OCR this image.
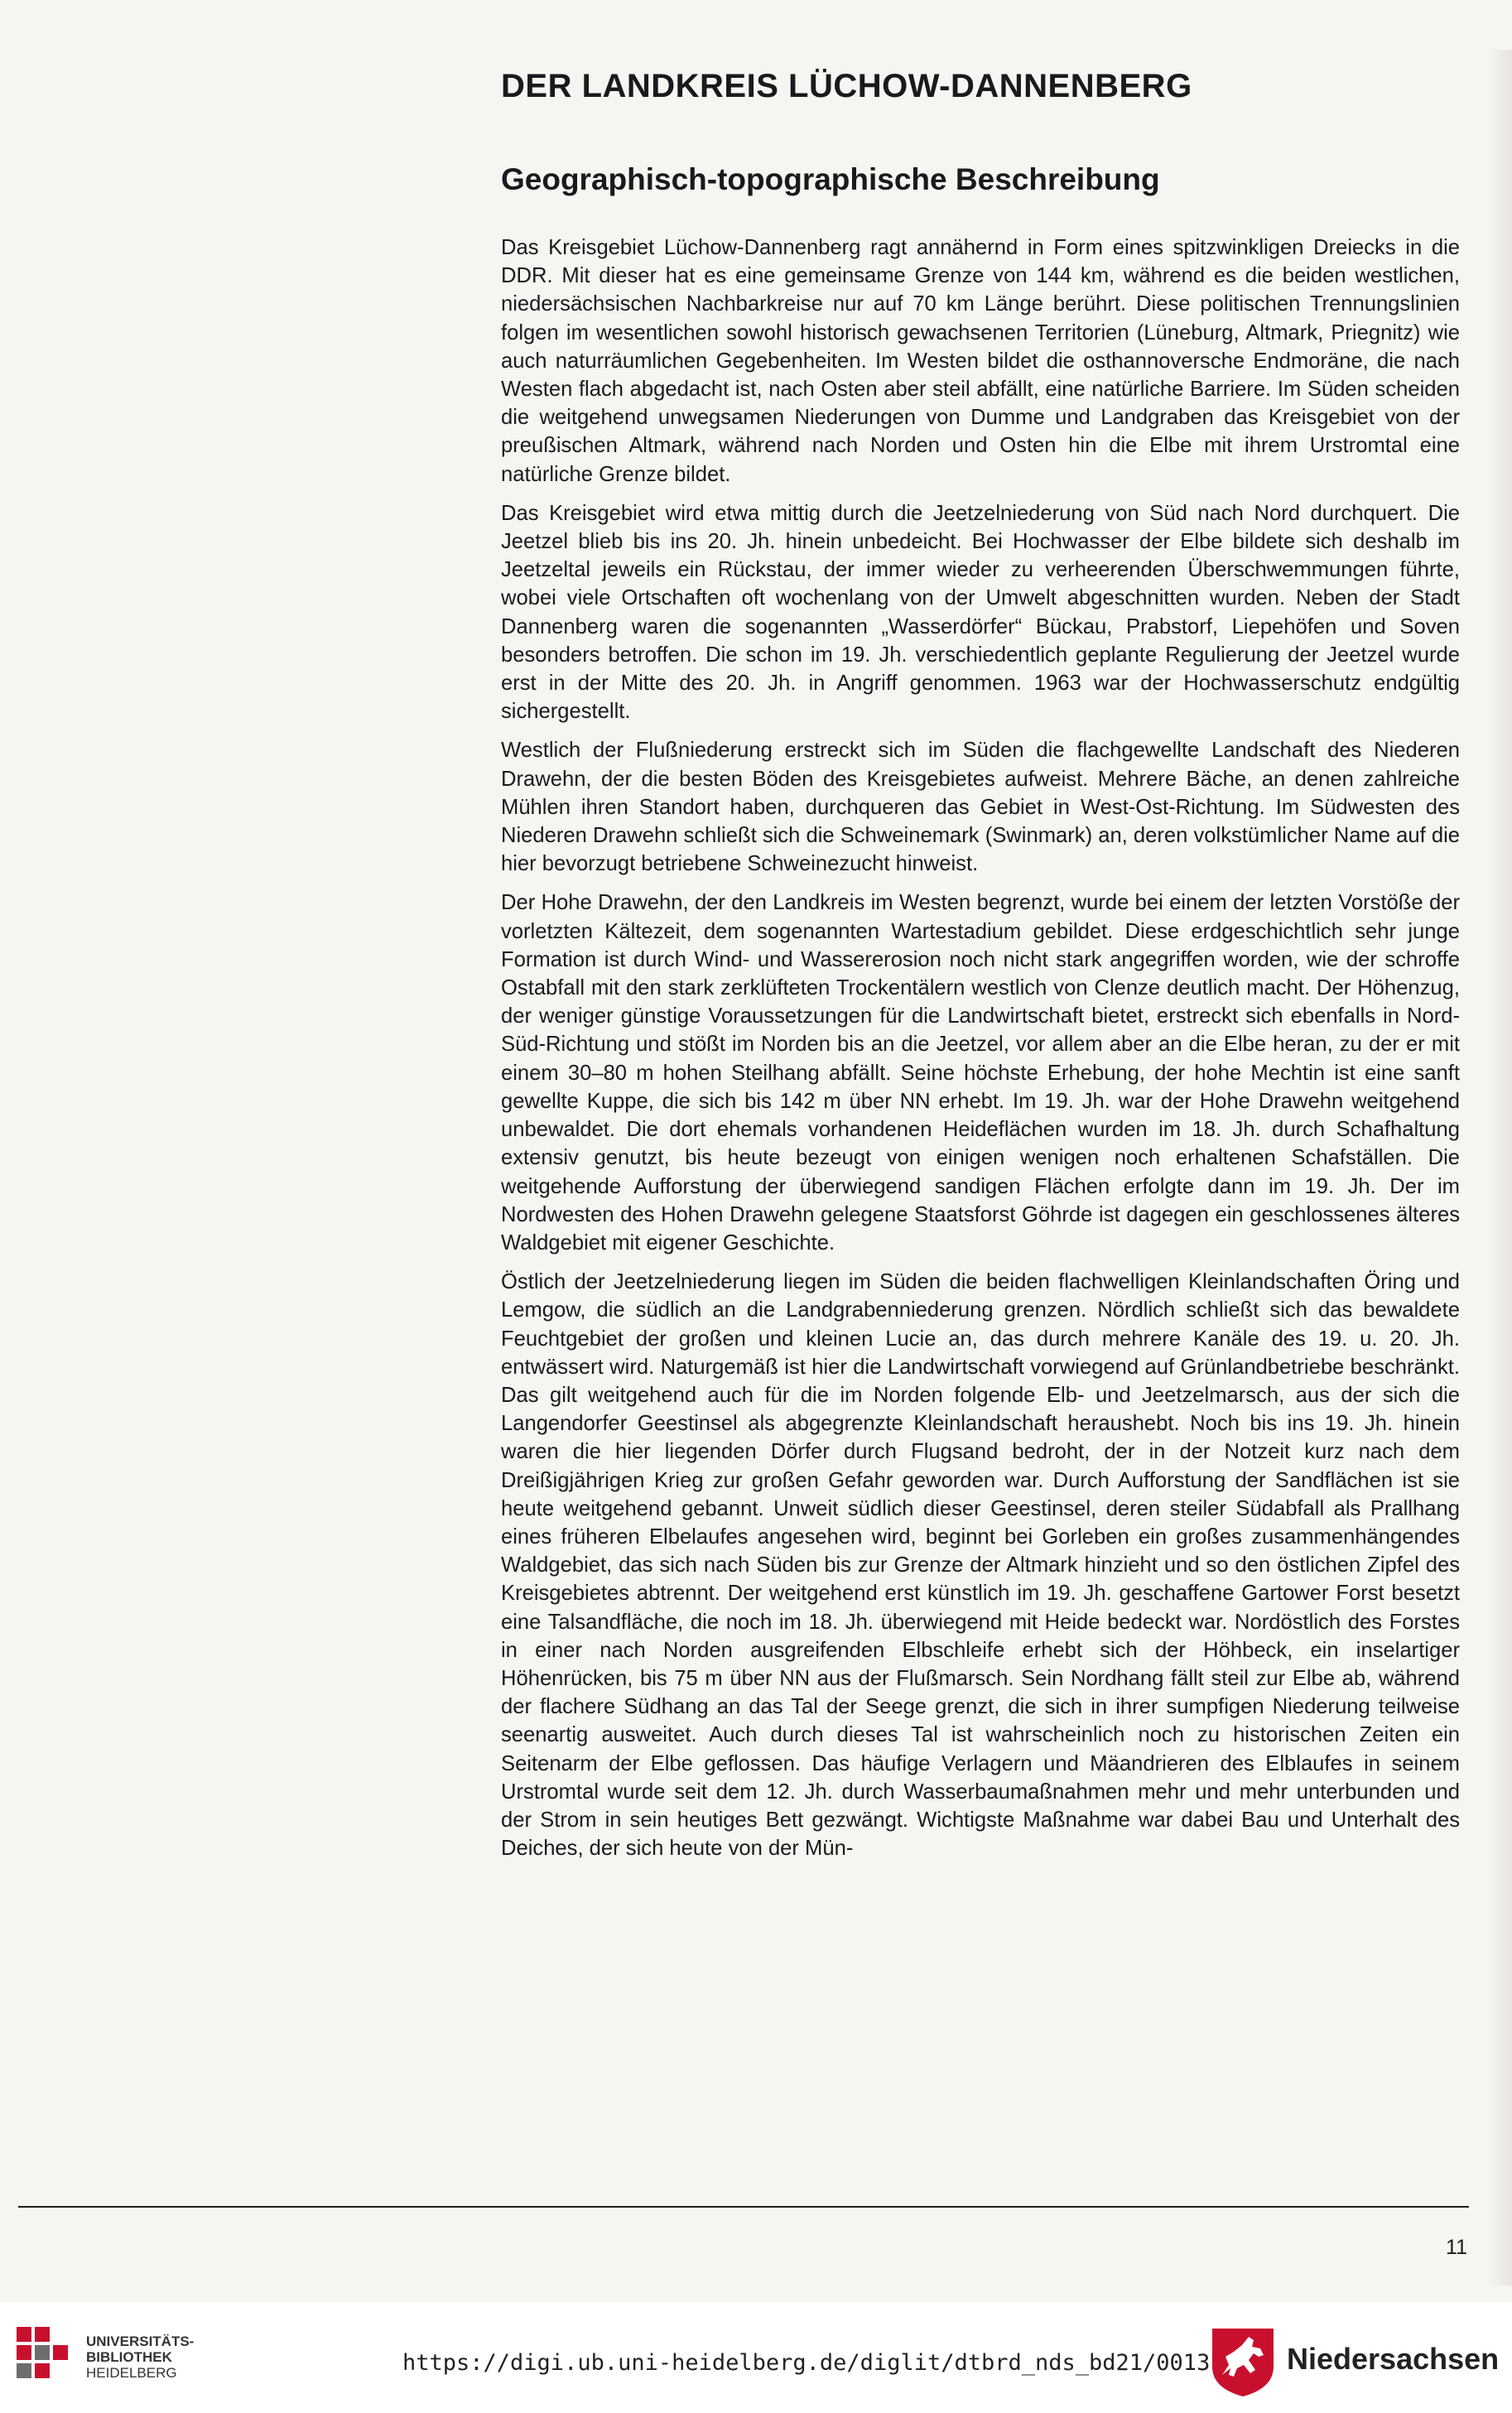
DER LANDKREIS LÜCHOW-DANNENBERG
Geographisch-topographische Beschreibung

Das Kreisgebiet Lüchow-Dannenberg ragt annähernd in Form eines spitzwinkligen Dreiecks in die DDR. Mit dieser hat es eine gemeinsame Grenze von 144 km, während es die beiden westlichen, niedersächsischen Nachbarkreise nur auf 70 km Länge berührt. Diese politischen Trennungslinien folgen im wesentlichen sowohl historisch gewachsenen Territorien (Lüneburg, Altmark, Priegnitz) wie auch naturräumlichen Gegebenheiten. Im Westen bildet die osthannoversche Endmoräne, die nach Westen flach abgedacht ist, nach Osten aber steil abfällt, eine natürliche Barriere. Im Süden scheiden die weitgehend unwegsamen Niederungen von Dumme und Landgraben das Kreisgebiet von der preußischen Altmark, während nach Norden und Osten hin die Elbe mit ihrem Urstromtal eine natürliche Grenze bildet.

Das Kreisgebiet wird etwa mittig durch die Jeetzelniederung von Süd nach Nord durchquert. Die Jeetzel blieb bis ins 20. Jh. hinein unbedeicht. Bei Hochwasser der Elbe bildete sich deshalb im Jeetzeltal jeweils ein Rückstau, der immer wieder zu verheerenden Überschwemmungen führte, wobei viele Ortschaften oft wochenlang von der Umwelt abgeschnitten wurden. Neben der Stadt Dannenberg waren die sogenannten „Wasserdörfer“ Bückau, Prabstorf, Liepehöfen und Soven besonders betroffen. Die schon im 19. Jh. verschiedentlich geplante Regulierung der Jeetzel wurde erst in der Mitte des 20. Jh. in Angriff genommen. 1963 war der Hochwasserschutz endgültig sichergestellt.

Westlich der Flußniederung erstreckt sich im Süden die flachgewellte Landschaft des Niederen Drawehn, der die besten Böden des Kreisgebietes aufweist. Mehrere Bäche, an denen zahlreiche Mühlen ihren Standort haben, durchqueren das Gebiet in West-Ost-Richtung. Im Südwesten des Niederen Drawehn schließt sich die Schweinemark (Swinmark) an, deren volkstümlicher Name auf die hier bevorzugt betriebene Schweinezucht hinweist.

Der Hohe Drawehn, der den Landkreis im Westen begrenzt, wurde bei einem der letzten Vorstöße der vorletzten Kältezeit, dem sogenannten Wartestadium gebildet. Diese erdgeschichtlich sehr junge Formation ist durch Wind- und Wassererosion noch nicht stark angegriffen worden, wie der schroffe Ostabfall mit den stark zerklüfteten Trockentälern westlich von Clenze deutlich macht. Der Höhenzug, der weniger günstige Voraussetzungen für die Landwirtschaft bietet, erstreckt sich ebenfalls in Nord-Süd-Richtung und stößt im Norden bis an die Jeetzel, vor allem aber an die Elbe heran, zu der er mit einem 30–80 m hohen Steilhang abfällt. Seine höchste Erhebung, der hohe Mechtin ist eine sanft gewellte Kuppe, die sich bis 142 m über NN erhebt. Im 19. Jh. war der Hohe Drawehn weitgehend unbewaldet. Die dort ehemals vorhandenen Heideflächen wurden im 18. Jh. durch Schafhaltung extensiv genutzt, bis heute bezeugt von einigen wenigen noch erhaltenen Schafställen. Die weitgehende Aufforstung der überwiegend sandigen Flächen erfolgte dann im 19. Jh. Der im Nordwesten des Hohen Drawehn gelegene Staatsforst Göhrde ist dagegen ein geschlossenes älteres Waldgebiet mit eigener Geschichte.

Östlich der Jeetzelniederung liegen im Süden die beiden flachwelligen Kleinlandschaften Öring und Lemgow, die südlich an die Landgrabenniederung grenzen. Nördlich schließt sich das bewaldete Feuchtgebiet der großen und kleinen Lucie an, das durch mehrere Kanäle des 19. u. 20. Jh. entwässert wird. Naturgemäß ist hier die Landwirtschaft vorwiegend auf Grünlandbetriebe beschränkt. Das gilt weitgehend auch für die im Norden folgende Elb- und Jeetzelmarsch, aus der sich die Langendorfer Geestinsel als abgegrenzte Kleinlandschaft heraushebt. Noch bis ins 19. Jh. hinein waren die hier liegenden Dörfer durch Flugsand bedroht, der in der Notzeit kurz nach dem Dreißigjährigen Krieg zur großen Gefahr geworden war. Durch Aufforstung der Sandflächen ist sie heute weitgehend gebannt. Unweit südlich dieser Geestinsel, deren steiler Südabfall als Prallhang eines früheren Elbelaufes angesehen wird, beginnt bei Gorleben ein großes zusammenhängendes Waldgebiet, das sich nach Süden bis zur Grenze der Altmark hinzieht und so den östlichen Zipfel des Kreisgebietes abtrennt. Der weitgehend erst künstlich im 19. Jh. geschaffene Gartower Forst besetzt eine Talsandfläche, die noch im 18. Jh. überwiegend mit Heide bedeckt war. Nordöstlich des Forstes in einer nach Norden ausgreifenden Elbschleife erhebt sich der Höhbeck, ein inselartiger Höhenrücken, bis 75 m über NN aus der Flußmarsch. Sein Nordhang fällt steil zur Elbe ab, während der flachere Südhang an das Tal der Seege grenzt, die sich in ihrer sumpfigen Niederung teilweise seenartig ausweitet. Auch durch dieses Tal ist wahrscheinlich noch zu historischen Zeiten ein Seitenarm der Elbe geflossen. Das häufige Verlagern und Mäandrieren des Elblaufes in seinem Urstromtal wurde seit dem 12. Jh. durch Wasserbaumaßnahmen mehr und mehr unterbunden und der Strom in sein heutiges Bett gezwängt. Wichtigste Maßnahme war dabei Bau und Unterhalt des Deiches, der sich heute von der Mün-

11
UNIVERSITÄTS-
BIBLIOTHEK
HEIDELBERG	https://digi.ub.uni-heidelberg.de/diglit/dtbrd_nds_bd21/0013	Niedersachsen
